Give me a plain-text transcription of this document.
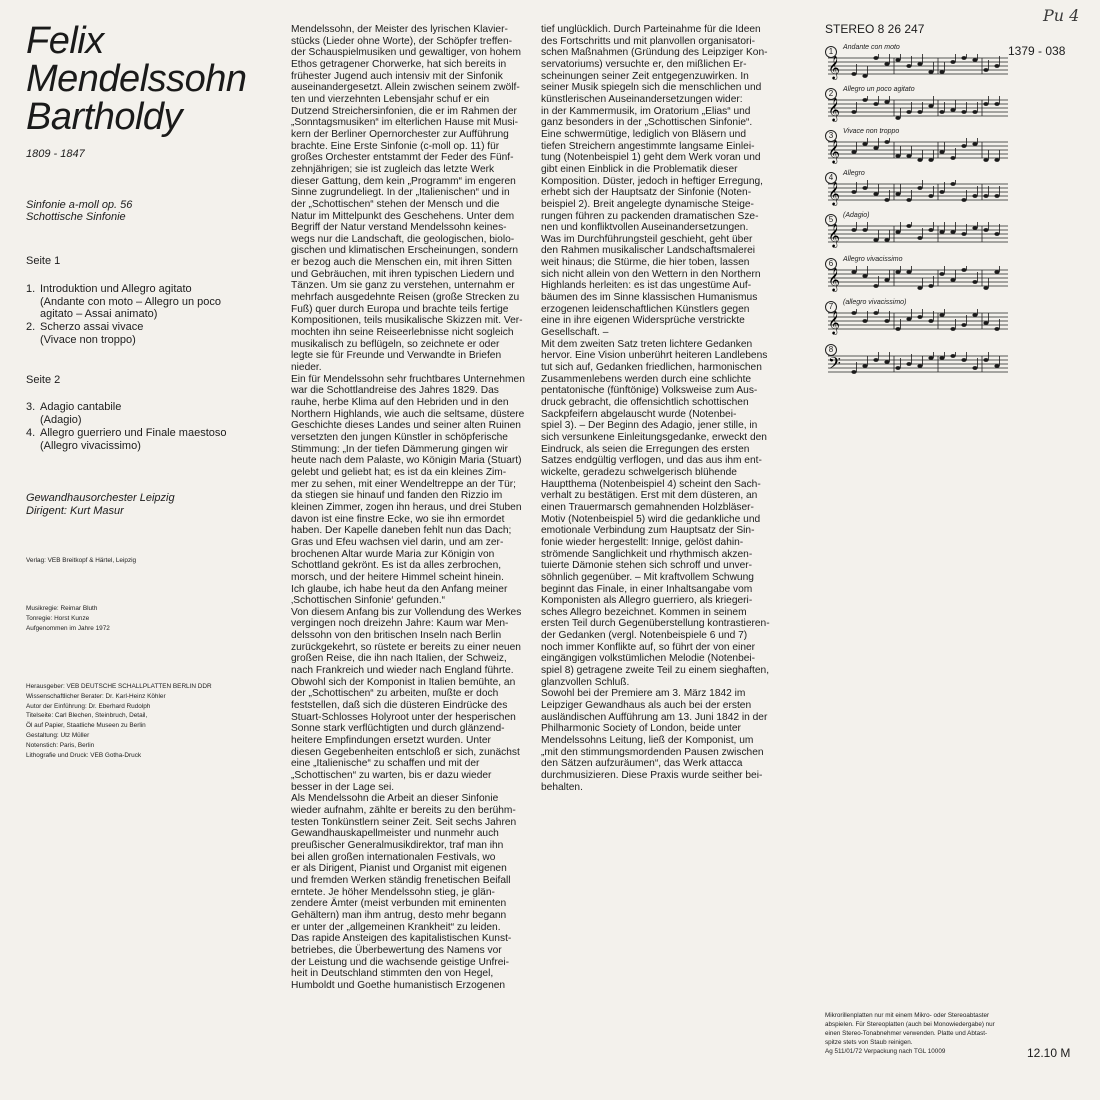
Felix
Mendelssohn
Bartholdy
1809 - 1847
Sinfonie a-moll op. 56
Schottische Sinfonie
Seite 1
1. Introduktion und Allegro agitato
(Andante con moto – Allegro un poco
agitato – Assai animato)
2. Scherzo assai vivace
(Vivace non troppo)
Seite 2
3. Adagio cantabile
(Adagio)
4. Allegro guerriero und Finale maestoso
(Allegro vivacissimo)
Gewandhausorchester Leipzig
Dirigent: Kurt Masur
Verlag: VEB Breitkopf & Härtel, Leipzig
Musikregie: Reimar Bluth
Tonregie: Horst Kunze
Aufgenommen im Jahre 1972
Herausgeber: VEB DEUTSCHE SCHALLPLATTEN BERLIN DDR
Wissenschaftlicher Berater: Dr. Karl-Heinz Köhler
Autor der Einführung: Dr. Eberhard Rudolph
Titelseite: Carl Blechen, Steinbruch, Detail,
Öl auf Papier, Staatliche Museen zu Berlin
Gestaltung: Utz Müller
Notenstich: Paris, Berlin
Lithografie und Druck: VEB Gotha-Druck
Mendelssohn, der Meister des lyrischen Klavier-
stücks (Lieder ohne Worte), der Schöpfer treffen-
der Schauspielmusiken und gewaltiger, von hohem
Ethos getragener Chorwerke, hat sich bereits in
frühester Jugend auch intensiv mit der Sinfonik
auseinandergesetzt. Allein zwischen seinem zwölf-
ten und vierzehnten Lebensjahr schuf er ein
Dutzend Streichersinfonien, die er im Rahmen der
„Sonntagsmusiken“ im elterlichen Hause mit Musi-
kern der Berliner Opernorchester zur Aufführung
brachte. Eine Erste Sinfonie (c-moll op. 11) für
großes Orchester entstammt der Feder des Fünf-
zehnjährigen; sie ist zugleich das letzte Werk
dieser Gattung, dem kein „Programm“ im engeren
Sinne zugrundeliegt. In der „Italienischen“ und in
der „Schottischen“ stehen der Mensch und die
Natur im Mittelpunkt des Geschehens. Unter dem
Begriff der Natur verstand Mendelssohn keines-
wegs nur die Landschaft, die geologischen, biolo-
gischen und klimatischen Erscheinungen, sondern
er bezog auch die Menschen ein, mit ihren Sitten
und Gebräuchen, mit ihren typischen Liedern und
Tänzen. Um sie ganz zu verstehen, unternahm er
mehrfach ausgedehnte Reisen (große Strecken zu
Fuß) quer durch Europa und brachte teils fertige
Kompositionen, teils musikalische Skizzen mit. Ver-
mochten ihn seine Reiseerlebnisse nicht sogleich
musikalisch zu beflügeln, so zeichnete er oder
legte sie für Freunde und Verwandte in Briefen
nieder.
Ein für Mendelssohn sehr fruchtbares Unternehmen
war die Schottlandreise des Jahres 1829. Das
rauhe, herbe Klima auf den Hebriden und in den
Northern Highlands, wie auch die seltsame, düstere
Geschichte dieses Landes und seiner alten Ruinen
versetzten den jungen Künstler in schöpferische
Stimmung: „In der tiefen Dämmerung gingen wir
heute nach dem Palaste, wo Königin Maria (Stuart)
gelebt und geliebt hat; es ist da ein kleines Zim-
mer zu sehen, mit einer Wendeltreppe an der Tür;
da stiegen sie hinauf und fanden den Rizzio im
kleinen Zimmer, zogen ihn heraus, und drei Stuben
davon ist eine finstre Ecke, wo sie ihn ermordet
haben. Der Kapelle daneben fehlt nun das Dach;
Gras und Efeu wachsen viel darin, und am zer-
brochenen Altar wurde Maria zur Königin von
Schottland gekrönt. Es ist da alles zerbrochen,
morsch, und der heitere Himmel scheint hinein.
Ich glaube, ich habe heut da den Anfang meiner
‚Schottischen Sinfonie‘ gefunden.“
Von diesem Anfang bis zur Vollendung des Werkes
vergingen noch dreizehn Jahre: Kaum war Men-
delssohn von den britischen Inseln nach Berlin
zurückgekehrt, so rüstete er bereits zu einer neuen
großen Reise, die ihn nach Italien, der Schweiz,
nach Frankreich und wieder nach England führte.
Obwohl sich der Komponist in Italien bemühte, an
der „Schottischen“ zu arbeiten, mußte er doch
feststellen, daß sich die düsteren Eindrücke des
Stuart-Schlosses Holyroot unter der hesperischen
Sonne stark verflüchtigten und durch glänzend-
heitere Empfindungen ersetzt wurden. Unter
diesen Gegebenheiten entschloß er sich, zunächst
eine „Italienische“ zu schaffen und mit der
„Schottischen“ zu warten, bis er dazu wieder
besser in der Lage sei.
Als Mendelssohn die Arbeit an dieser Sinfonie
wieder aufnahm, zählte er bereits zu den berühm-
testen Tonkünstlern seiner Zeit. Seit sechs Jahren
Gewandhauskapellmeister und nunmehr auch
preußischer Generalmusikdirektor, traf man ihn
bei allen großen internationalen Festivals, wo
er als Dirigent, Pianist und Organist mit eigenen
und fremden Werken ständig frenetischen Beifall
erntete. Je höher Mendelssohn stieg, je glän-
zendere Ämter (meist verbunden mit eminenten
Gehältern) man ihm antrug, desto mehr begann
er unter der „allgemeinen Krankheit“ zu leiden.
Das rapide Ansteigen des kapitalistischen Kunst-
betriebes, die Überbewertung des Namens vor
der Leistung und die wachsende geistige Unfrei-
heit in Deutschland stimmten den von Hegel,
Humboldt und Goethe humanistisch Erzogenen
tief unglücklich. Durch Parteinahme für die Ideen
des Fortschritts und mit planvollen organisatori-
schen Maßnahmen (Gründung des Leipziger Kon-
servatoriums) versuchte er, den mißlichen Er-
scheinungen seiner Zeit entgegenzuwirken. In
seiner Musik spiegeln sich die menschlichen und
künstlerischen Auseinandersetzungen wider:
in der Kammermusik, im Oratorium „Elias“ und
ganz besonders in der „Schottischen Sinfonie“.
Eine schwermütige, lediglich von Bläsern und
tiefen Streichern angestimmte langsame Einlei-
tung (Notenbeispiel 1) geht dem Werk voran und
gibt einen Einblick in die Problematik dieser
Komposition. Düster, jedoch in heftiger Erregung,
erhebt sich der Hauptsatz der Sinfonie (Noten-
beispiel 2). Breit angelegte dynamische Steige-
rungen führen zu packenden dramatischen Sze-
nen und konfliktvollen Auseinandersetzungen.
Was im Durchführungsteil geschieht, geht über
den Rahmen musikalischer Landschaftsmalerei
weit hinaus; die Stürme, die hier toben, lassen
sich nicht allein von den Wettern in den Northern
Highlands herleiten: es ist das ungestüme Auf-
bäumen des im Sinne klassischen Humanismus
erzogenen leidenschaftlichen Künstlers gegen
eine in ihre eigenen Widersprüche verstrickte
Gesellschaft. –
Mit dem zweiten Satz treten lichtere Gedanken
hervor. Eine Vision unberührt heiteren Landlebens
tut sich auf, Gedanken friedlichen, harmonischen
Zusammenlebens werden durch eine schlichte
pentatonische (fünftönige) Volksweise zum Aus-
druck gebracht, die offensichtlich schottischen
Sackpfeifern abgelauscht wurde (Notenbei-
spiel 3). – Der Beginn des Adagio, jener stille, in
sich versunkene Einleitungsgedanke, erweckt den
Eindruck, als seien die Erregungen des ersten
Satzes endgültig verflogen, und das aus ihm ent-
wickelte, geradezu schwelgerisch blühende
Hauptthema (Notenbeispiel 4) scheint den Sach-
verhalt zu bestätigen. Erst mit dem düsteren, an
einen Trauermarsch gemahnenden Holzbläser-
Motiv (Notenbeispiel 5) wird die gedankliche und
emotionale Verbindung zum Hauptsatz der Sin-
fonie wieder hergestellt: Innige, gelöst dahin-
strömende Sanglichkeit und rhythmisch akzen-
tuierte Dämonie stehen sich schroff und unver-
söhnlich gegenüber. – Mit kraftvollem Schwung
beginnt das Finale, in einer Inhaltsangabe vom
Komponisten als Allegro guerriero, als kriegeri-
sches Allegro bezeichnet. Kommen in seinem
ersten Teil durch Gegenüberstellung kontrastieren-
der Gedanken (vergl. Notenbeispiele 6 und 7)
noch immer Konflikte auf, so führt der von einer
eingängigen volkstümlichen Melodie (Notenbei-
spiel 8) getragene zweite Teil zu einem sieghaften,
glanzvollen Schluß.
Sowohl bei der Premiere am 3. März 1842 im
Leipziger Gewandhaus als auch bei der ersten
ausländischen Aufführung am 13. Juni 1842 in der
Philharmonic Society of London, beide unter
Mendelssohns Leitung, ließ der Komponist, um
„mit den stimmungsmordenden Pausen zwischen
den Sätzen aufzuräumen“, das Werk attacca
durchmusizieren. Diese Praxis wurde seither bei-
behalten.
Pu 4
STEREO 8 26 247
1379 - 038
1	Andante con moto
𝄞
2	Allegro un poco agitato
𝄞
3	Vivace non troppo
𝄞
4	Allegro
𝄞
5	(Adagio)
𝄞
6	Allegro vivacissimo
𝄞
7	(allegro vivacissimo)
𝄞
8
𝄢
Mikrorillenplatten nur mit einem Mikro- oder Stereoabtaster
abspielen. Für Stereoplatten (auch bei Monowiedergabe) nur
einen Stereo-Tonabnehmer verwenden. Platte und Abtast-
spitze stets von Staub reinigen.
Ag 511/01/72 Verpackung nach TGL 10009	12.10 M
